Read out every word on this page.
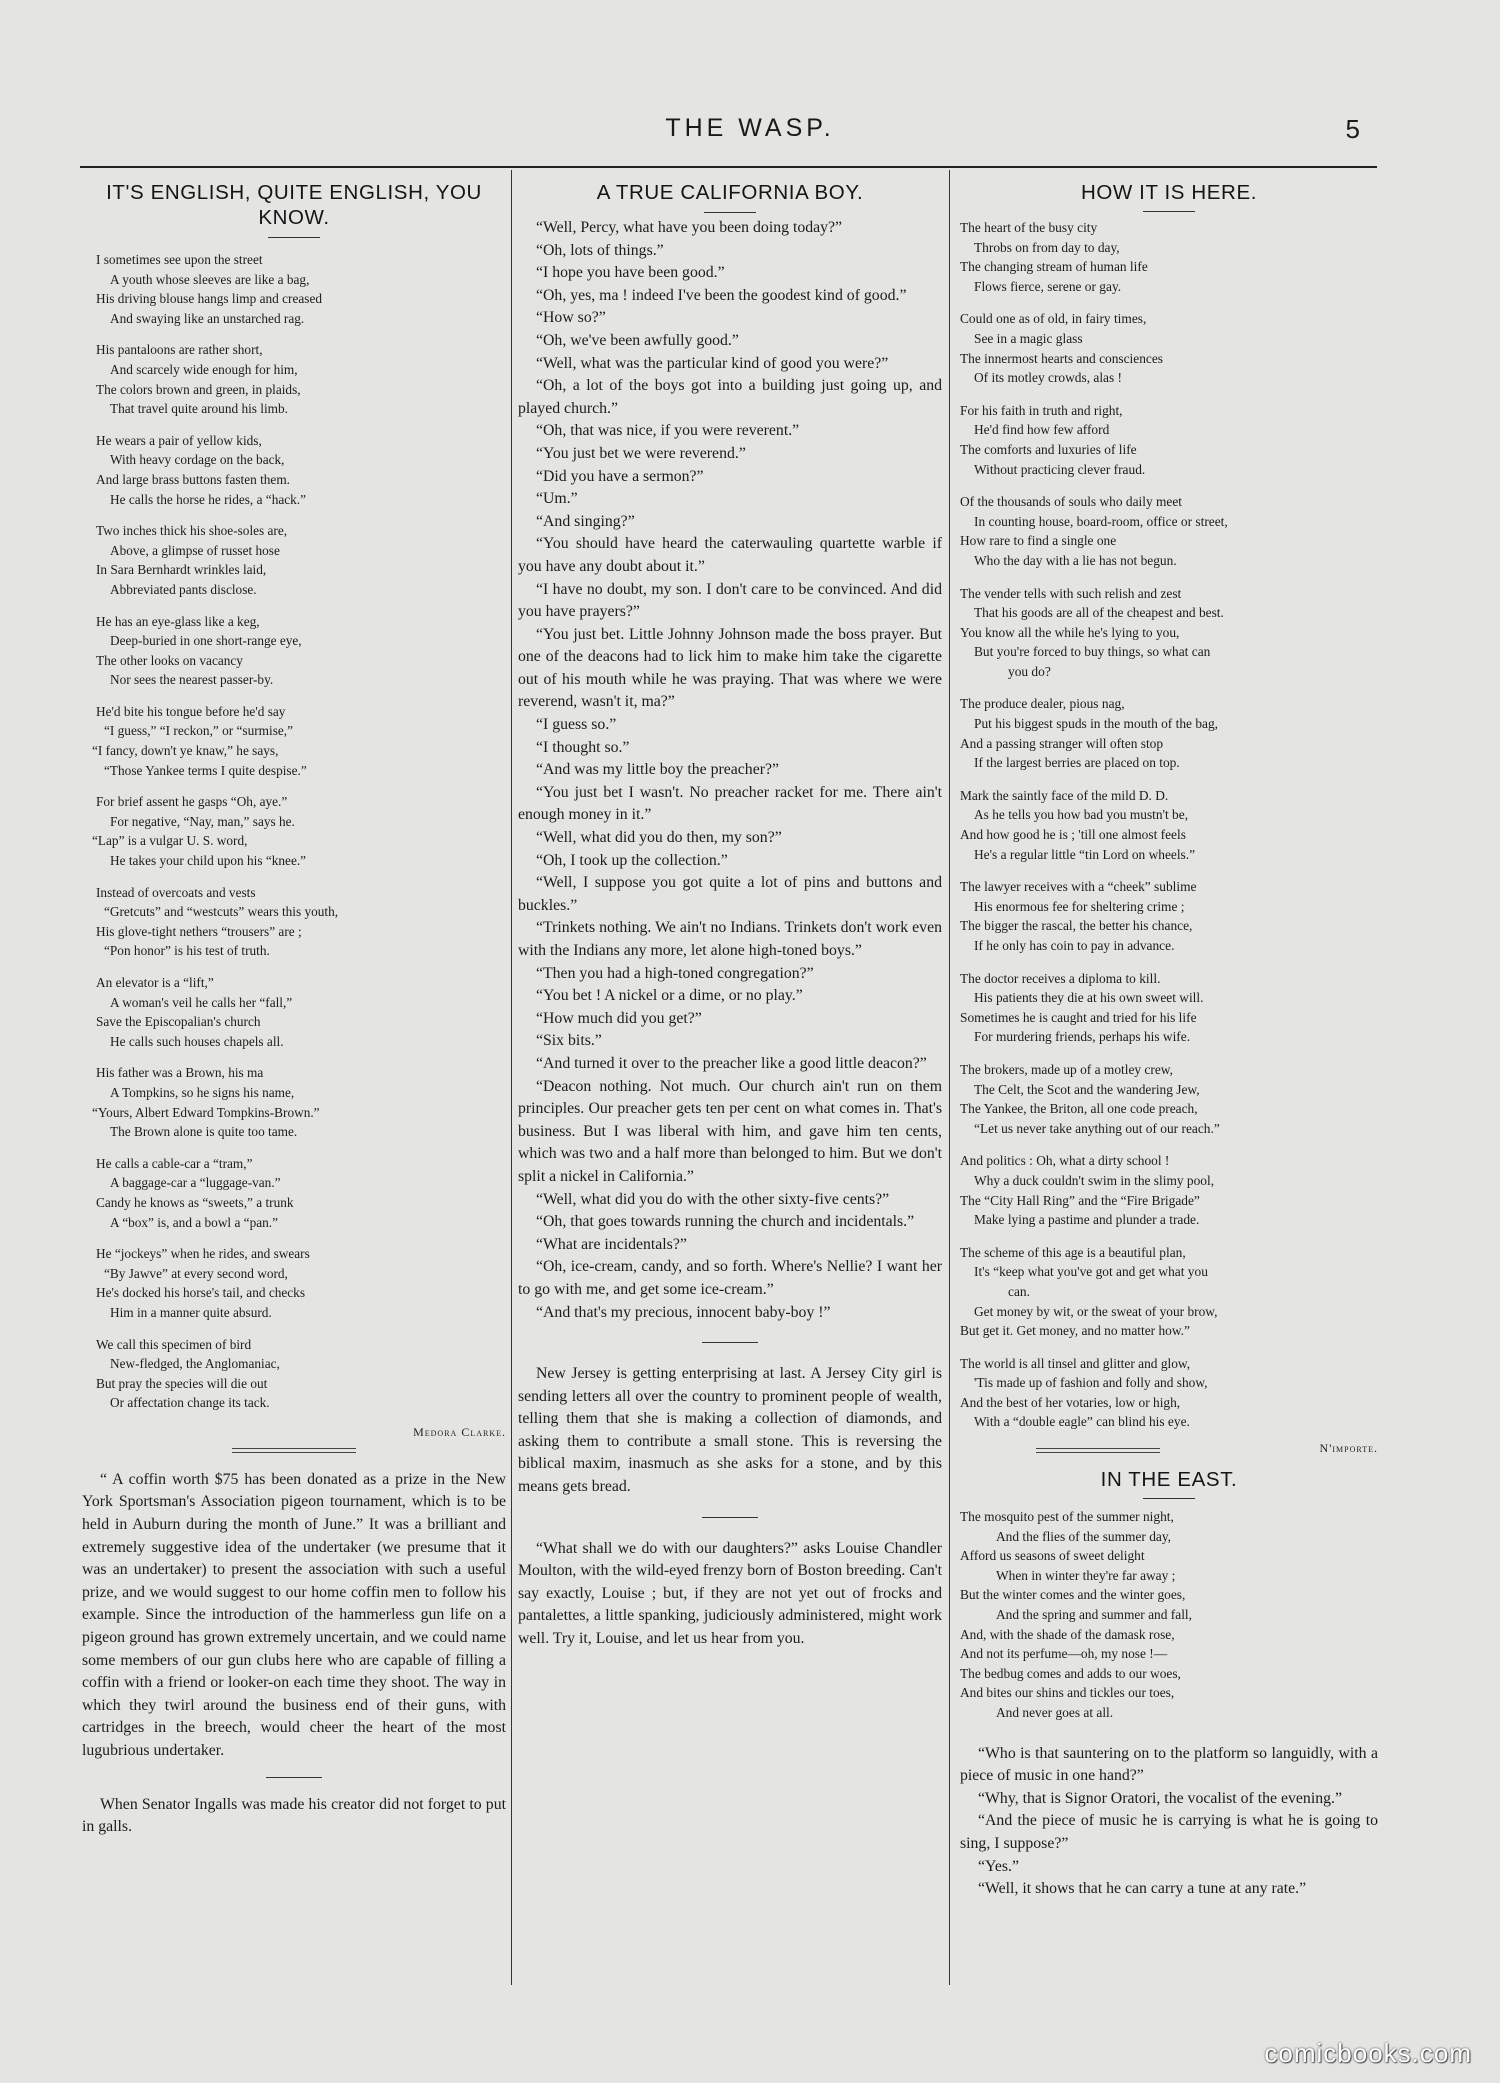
THE WASP.	5
IT'S ENGLISH, QUITE ENGLISH, YOU KNOW.
I sometimes see upon the street
A youth whose sleeves are like a bag,
His driving blouse hangs limp and creased
And swaying like an unstarched rag.
His pantaloons are rather short,
And scarcely wide enough for him,
The colors brown and green, in plaids,
That travel quite around his limb.
He wears a pair of yellow kids,
With heavy cordage on the back,
And large brass buttons fasten them.
He calls the horse he rides, a “hack.”
Two inches thick his shoe-soles are,
Above, a glimpse of russet hose
In Sara Bernhardt wrinkles laid,
Abbreviated pants disclose.
He has an eye-glass like a keg,
Deep-buried in one short-range eye,
The other looks on vacancy
Nor sees the nearest passer-by.
He'd bite his tongue before he'd say
“I guess,” “I reckon,” or “surmise,”
“I fancy, down't ye knaw,” he says,
“Those Yankee terms I quite despise.”
For brief assent he gasps “Oh, aye.”
For negative, “Nay, man,” says he.
“Lap” is a vulgar U. S. word,
He takes your child upon his “knee.”
Instead of overcoats and vests
“Gretcuts” and “westcuts” wears this youth,
His glove-tight nethers “trousers” are ;
“Pon honor” is his test of truth.
An elevator is a “lift,”
A woman's veil he calls her “fall,”
Save the Episcopalian's church
He calls such houses chapels all.
His father was a Brown, his ma
A Tompkins, so he signs his name,
“Yours, Albert Edward Tompkins-Brown.”
The Brown alone is quite too tame.
He calls a cable-car a “tram,”
A baggage-car a “luggage-van.”
Candy he knows as “sweets,” a trunk
A “box” is, and a bowl a “pan.”
He “jockeys” when he rides, and swears
“By Jawve” at every second word,
He's docked his horse's tail, and checks
Him in a manner quite absurd.
We call this specimen of bird
New-fledged, the Anglomaniac,
But pray the species will die out
Or affectation change its tack.
Medora Clarke.

“ A coffin worth $75 has been donated as a prize in the New York Sportsman's Association pigeon tournament, which is to be held in Auburn during the month of June.” It was a brilliant and extremely suggestive idea of the undertaker (we presume that it was an undertaker) to present the association with such a useful prize, and we would suggest to our home coffin men to follow his example. Since the introduction of the hammerless gun life on a pigeon ground has grown extremely uncertain, and we could name some members of our gun clubs here who are capable of filling a coffin with a friend or looker-on each time they shoot. The way in which they twirl around the business end of their guns, with cartridges in the breech, would cheer the heart of the most lugubrious undertaker.

When Senator Ingalls was made his creator did not forget to put in galls.

A TRUE CALIFORNIA BOY.

“Well, Percy, what have you been doing today?”

“Oh, lots of things.”

“I hope you have been good.”

“Oh, yes, ma ! indeed I've been the goodest kind of good.”

“How so?”

“Oh, we've been awfully good.”

“Well, what was the particular kind of good you were?”

“Oh, a lot of the boys got into a building just going up, and played church.”

“Oh, that was nice, if you were reverent.”

“You just bet we were reverend.”

“Did you have a sermon?”

“Um.”

“And singing?”

“You should have heard the caterwauling quartette warble if you have any doubt about it.”

“I have no doubt, my son. I don't care to be convinced. And did you have prayers?”

“You just bet. Little Johnny Johnson made the boss prayer. But one of the deacons had to lick him to make him take the cigarette out of his mouth while he was praying. That was where we were reverend, wasn't it, ma?”

“I guess so.”

“I thought so.”

“And was my little boy the preacher?”

“You just bet I wasn't. No preacher racket for me. There ain't enough money in it.”

“Well, what did you do then, my son?”

“Oh, I took up the collection.”

“Well, I suppose you got quite a lot of pins and buttons and buckles.”

“Trinkets nothing. We ain't no Indians. Trinkets don't work even with the Indians any more, let alone high-toned boys.”

“Then you had a high-toned congregation?”

“You bet ! A nickel or a dime, or no play.”

“How much did you get?”

“Six bits.”

“And turned it over to the preacher like a good little deacon?”

“Deacon nothing. Not much. Our church ain't run on them principles. Our preacher gets ten per cent on what comes in. That's business. But I was liberal with him, and gave him ten cents, which was two and a half more than belonged to him. But we don't split a nickel in California.”

“Well, what did you do with the other sixty-five cents?”

“Oh, that goes towards running the church and incidentals.”

“What are incidentals?”

“Oh, ice-cream, candy, and so forth. Where's Nellie? I want her to go with me, and get some ice-cream.”

“And that's my precious, innocent baby-boy !”

New Jersey is getting enterprising at last. A Jersey City girl is sending letters all over the country to prominent people of wealth, telling them that she is making a collection of diamonds, and asking them to contribute a small stone. This is reversing the biblical maxim, inasmuch as she asks for a stone, and by this means gets bread.

“What shall we do with our daughters?” asks Louise Chandler Moulton, with the wild-eyed frenzy born of Boston breeding. Can't say exactly, Louise ; but, if they are not yet out of frocks and pantalettes, a little spanking, judiciously administered, might work well. Try it, Louise, and let us hear from you.

HOW IT IS HERE.
The heart of the busy city
Throbs on from day to day,
The changing stream of human life
Flows fierce, serene or gay.
Could one as of old, in fairy times,
See in a magic glass
The innermost hearts and consciences
Of its motley crowds, alas !
For his faith in truth and right,
He'd find how few afford
The comforts and luxuries of life
Without practicing clever fraud.
Of the thousands of souls who daily meet
In counting house, board-room, office or street,
How rare to find a single one
Who the day with a lie has not begun.
The vender tells with such relish and zest
That his goods are all of the cheapest and best.
You know all the while he's lying to you,
But you're forced to buy things, so what can
you do?
The produce dealer, pious nag,
Put his biggest spuds in the mouth of the bag,
And a passing stranger will often stop
If the largest berries are placed on top.
Mark the saintly face of the mild D. D.
As he tells you how bad you mustn't be,
And how good he is ; 'till one almost feels
He's a regular little “tin Lord on wheels.”
The lawyer receives with a “cheek” sublime
His enormous fee for sheltering crime ;
The bigger the rascal, the better his chance,
If he only has coin to pay in advance.
The doctor receives a diploma to kill.
His patients they die at his own sweet will.
Sometimes he is caught and tried for his life
For murdering friends, perhaps his wife.
The brokers, made up of a motley crew,
The Celt, the Scot and the wandering Jew,
The Yankee, the Briton, all one code preach,
“Let us never take anything out of our reach.”
And politics : Oh, what a dirty school !
Why a duck couldn't swim in the slimy pool,
The “City Hall Ring” and the “Fire Brigade”
Make lying a pastime and plunder a trade.
The scheme of this age is a beautiful plan,
It's “keep what you've got and get what you
can.
Get money by wit, or the sweat of your brow,
But get it. Get money, and no matter how.”
The world is all tinsel and glitter and glow,
'Tis made up of fashion and folly and show,
And the best of her votaries, low or high,
With a “double eagle” can blind his eye.
N'importe.
IN THE EAST.
The mosquito pest of the summer night,
And the flies of the summer day,
Afford us seasons of sweet delight
When in winter they're far away ;
But the winter comes and the winter goes,
And the spring and summer and fall,
And, with the shade of the damask rose,
And not its perfume—oh, my nose !—
The bedbug comes and adds to our woes,
And bites our shins and tickles our toes,
And never goes at all.

“Who is that sauntering on to the platform so languidly, with a piece of music in one hand?”

“Why, that is Signor Oratori, the vocalist of the evening.”

“And the piece of music he is carrying is what he is going to sing, I suppose?”

“Yes.”

“Well, it shows that he can carry a tune at any rate.”

comicbooks.com
